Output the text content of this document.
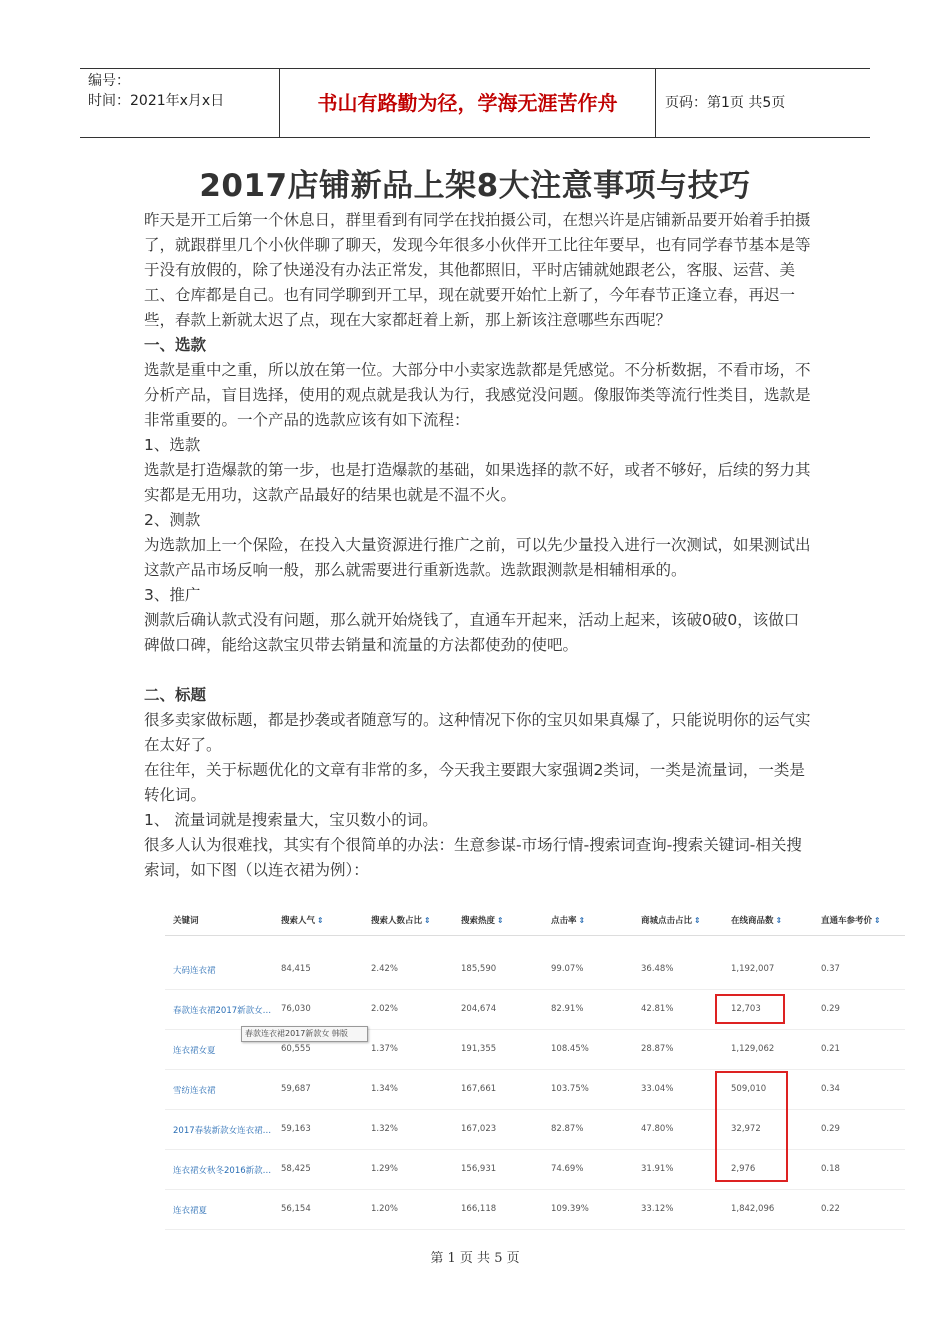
编号：
时间：2021年x月x日	书山有路勤为径，学海无涯苦作舟	页码：第1页 共5页
2017店铺新品上架8大注意事项与技巧

昨天是开工后第一个休息日，群里看到有同学在找拍摄公司，在想兴许是店铺新品要开始着手拍摄了，就跟群里几个小伙伴聊了聊天，发现今年很多小伙伴开工比往年要早，也有同学春节基本是等于没有放假的，除了快递没有办法正常发，其他都照旧，平时店铺就她跟老公，客服、运营、美工、仓库都是自己。也有同学聊到开工早，现在就要开始忙上新了，今年春节正逢立春，再迟一些，春款上新就太迟了点，现在大家都赶着上新，那上新该注意哪些东西呢？

一、选款

选款是重中之重，所以放在第一位。大部分中小卖家选款都是凭感觉。不分析数据，不看市场，不分析产品，盲目选择，使用的观点就是我认为行，我感觉没问题。像服饰类等流行性类目，选款是非常重要的。一个产品的选款应该有如下流程：

1、选款

选款是打造爆款的第一步，也是打造爆款的基础，如果选择的款不好，或者不够好，后续的努力其实都是无用功，这款产品最好的结果也就是不温不火。

2、测款

为选款加上一个保险，在投入大量资源进行推广之前，可以先少量投入进行一次测试，如果测试出这款产品市场反响一般，那么就需要进行重新选款。选款跟测款是相辅相承的。

3、推广

测款后确认款式没有问题，那么就开始烧钱了，直通车开起来，活动上起来，该破0破0，该做口碑做口碑，能给这款宝贝带去销量和流量的方法都使劲的使吧。

二、标题

很多卖家做标题，都是抄袭或者随意写的。这种情况下你的宝贝如果真爆了，只能说明你的运气实在太好了。

在往年，关于标题优化的文章有非常的多，今天我主要跟大家强调2类词，一类是流量词，一类是转化词。

1、 流量词就是搜索量大，宝贝数小的词。

很多人认为很难找，其实有个很简单的办法：生意参谋-市场行情-搜索词查询-搜索关键词-相关搜索词，如下图（以连衣裙为例）：

关键词	搜索人气 ⇕	搜索人数占比 ⇕	搜索热度 ⇕	点击率 ⇕	商城点击占比 ⇕	在线商品数 ⇕	直通车参考价 ⇕
大码连衣裙	84,415	2.42%	185,590	99.07%	36.48%	1,192,007	0.37
春款连衣裙2017新款女… 76,030	2.02%	204,674	82.91%	42.81%	12,703	0.29
连衣裙女夏	60,555	1.37%	191,355	108.45%	28.87%	1,129,062	0.21
雪纺连衣裙	59,687	1.34%	167,661	103.75%	33.04%	509,010	0.34
2017春装新款女连衣裙… 59,163	1.32%	167,023	82.87%	47.80%	32,972	0.29
连衣裙女秋冬2016新款… 58,425	1.29%	156,931	74.69%	31.91%	2,976	0.18
连衣裙夏	56,154	1.20%	166,118	109.39%	33.12%	1,842,096	0.22
春款连衣裙2017新款女 韩版
第 1 页 共 5 页
